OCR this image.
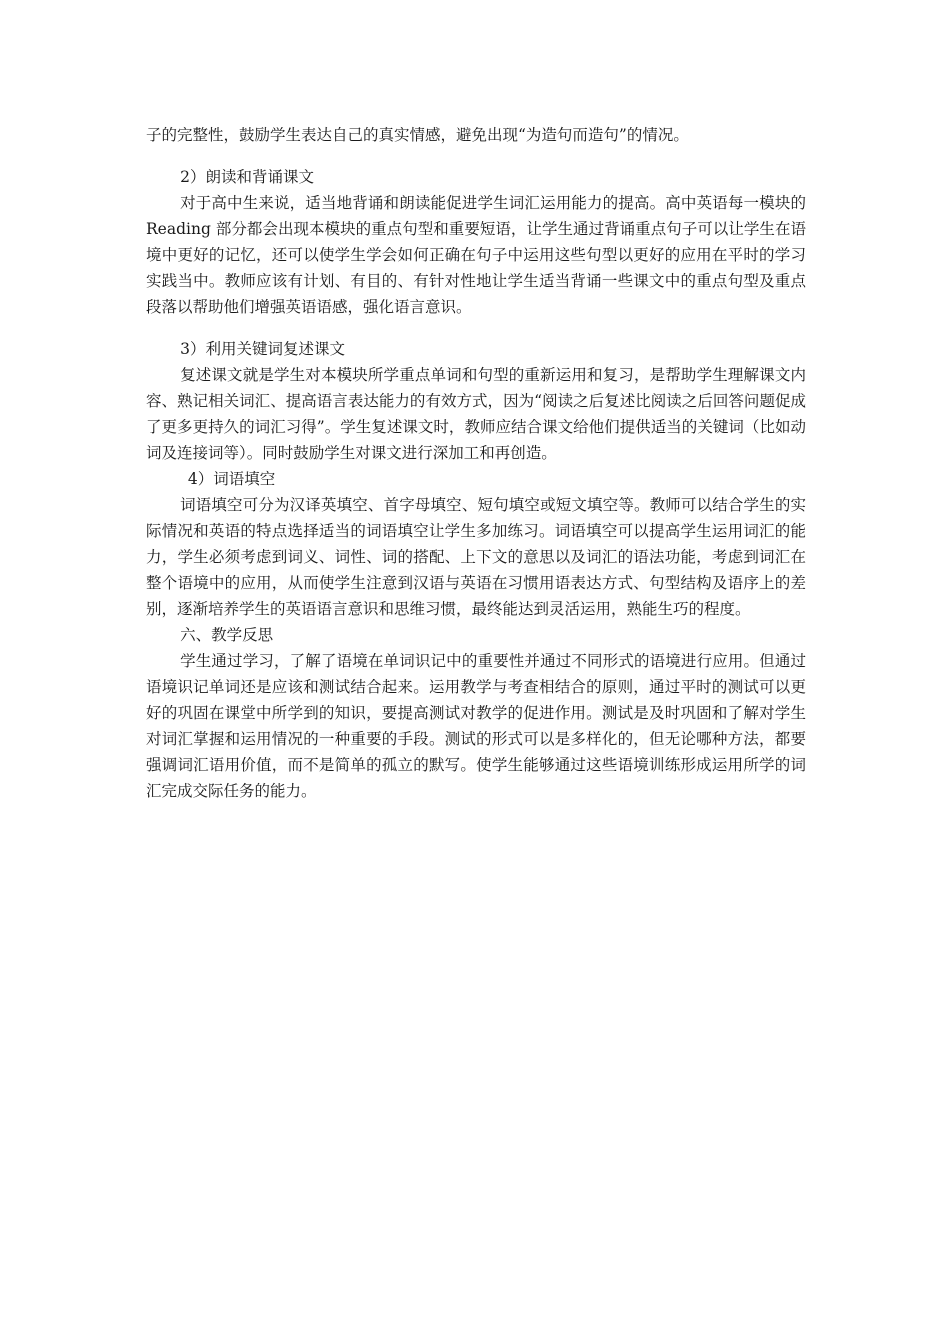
子的完整性，鼓励学生表达自己的真实情感，避免出现“为造句而造句”的情况。

2）朗读和背诵课文

对于高中生来说，适当地背诵和朗读能促进学生词汇运用能力的提高。高中英语每一模块的 Reading 部分都会出现本模块的重点句型和重要短语，让学生通过背诵重点句子可以让学生在语境中更好的记忆，还可以使学生学会如何正确在句子中运用这些句型以更好的应用在平时的学习实践当中。教师应该有计划、有目的、有针对性地让学生适当背诵一些课文中的重点句型及重点段落以帮助他们增强英语语感，强化语言意识。

3）利用关键词复述课文

复述课文就是学生对本模块所学重点单词和句型的重新运用和复习，是帮助学生理解课文内容、熟记相关词汇、提高语言表达能力的有效方式，因为“阅读之后复述比阅读之后回答问题促成了更多更持久的词汇习得”。学生复述课文时，教师应结合课文给他们提供适当的关键词（比如动词及连接词等）。同时鼓励学生对课文进行深加工和再创造。

4）词语填空

词语填空可分为汉译英填空、首字母填空、短句填空或短文填空等。教师可以结合学生的实际情况和英语的特点选择适当的词语填空让学生多加练习。词语填空可以提高学生运用词汇的能力，学生必须考虑到词义、词性、词的搭配、上下文的意思以及词汇的语法功能，考虑到词汇在整个语境中的应用，从而使学生注意到汉语与英语在习惯用语表达方式、句型结构及语序上的差别，逐渐培养学生的英语语言意识和思维习惯，最终能达到灵活运用，熟能生巧的程度。

六、教学反思

学生通过学习，了解了语境在单词识记中的重要性并通过不同形式的语境进行应用。但通过语境识记单词还是应该和测试结合起来。运用教学与考查相结合的原则，通过平时的测试可以更好的巩固在课堂中所学到的知识，要提高测试对教学的促进作用。测试是及时巩固和了解对学生对词汇掌握和运用情况的一种重要的手段。测试的形式可以是多样化的，但无论哪种方法，都要强调词汇语用价值，而不是简单的孤立的默写。使学生能够通过这些语境训练形成运用所学的词汇完成交际任务的能力。
